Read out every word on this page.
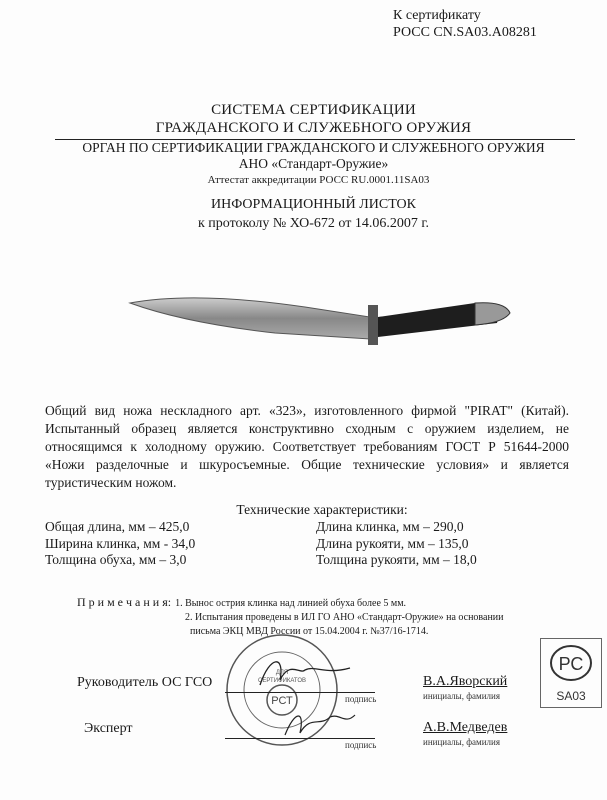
К сертификату
РОСС CN.SA03.A08281
СИСТЕМА СЕРТИФИКАЦИИ
ГРАЖДАНСКОГО И СЛУЖЕБНОГО ОРУЖИЯ
ОРГАН ПО СЕРТИФИКАЦИИ ГРАЖДАНСКОГО И СЛУЖЕБНОГО ОРУЖИЯ
АНО «Стандарт-Оружие»
Аттестат аккредитации РОСС RU.0001.11SA03
ИНФОРМАЦИОННЫЙ ЛИСТОК
к протоколу № ХО-672 от 14.06.2007 г.

Общий вид ножа нескладного арт. «323», изготовленного фирмой "PIRAT" (Китай). Испытанный образец является конструктивно сходным с оружием изделием, не относящимся к холодному оружию. Соответствует требованиям ГОСТ Р 51644-2000 «Ножи разделочные и шкуросъемные. Общие технические условия» и является туристическим ножом.

Технические характеристики:
Общая длина, мм – 425,0
Ширина клинка, мм - 34,0
Толщина обуха, мм – 3,0
Длина клинка, мм – 290,0
Длина рукояти, мм – 135,0
Толщина рукояти, мм – 18,0
П р и м е ч а н и я: 1. Вынос острия клинка над линией обуха более 5 мм.
2. Испытания проведены в ИЛ ГО АНО «Стандарт-Оружие» на основании
письма ЭКЦ МВД России от 15.04.2004 г. №37/16-1714.
РСТ
ДЛЯ
СЕРТИФИКАТОВ
Руководитель ОС ГСО
подпись
В.А.Яворский
инициалы, фамилия
Эксперт
подпись
А.В.Медведев
инициалы, фамилия
РС
SA03
